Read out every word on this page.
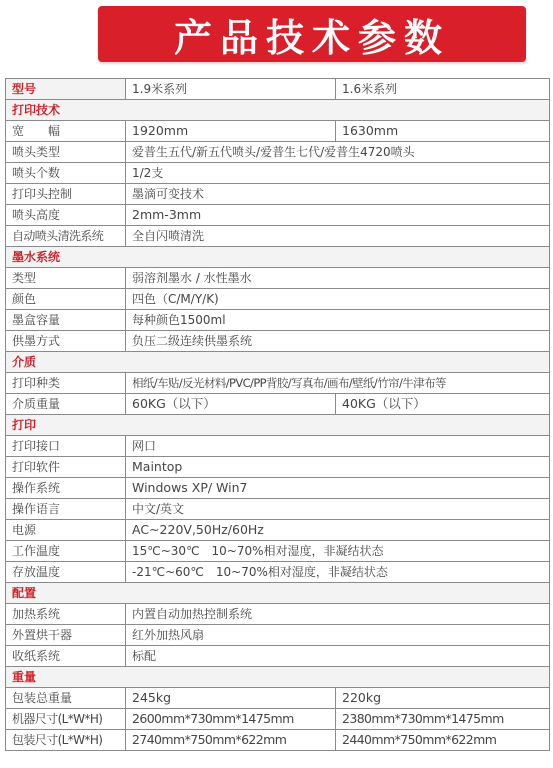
产品技术参数
型号	1.9米系列	1.6米系列
打印技术		
宽　　幅	1920mm	1630mm
喷头类型	爱普生五代/新五代喷头/爱普生七代/爱普生4720喷头	
喷头个数	1/2支	
打印头控制	墨滴可变技术	
喷头高度	2mm-3mm	
自动喷头清洗系统	全自闪喷清洗	
墨水系统		
类型	弱溶剂墨水 / 水性墨水	
颜色	四色（C/M/Y/K)	
墨盒容量	每种颜色1500ml	
供墨方式	负压二级连续供墨系统	
介质		
打印种类	相纸/车贴/反光材料/PVC/PP背胶/写真布/画布/壁纸/竹帘/牛津布等	
介质重量	60KG（以下）	40KG（以下）
打印		
打印接口	网口	
打印软件	Maintop	
操作系统	Windows XP/ Win7	
操作语言	中文/英文	
电源	AC~220V,50Hz/60Hz	
工作温度	15℃~30℃　10~70%相对湿度，非凝结状态	
存放温度	-21℃~60℃　10~70%相对湿度，非凝结状态	
配置		
加热系统	内置自动加热控制系统	
外置烘干器	红外加热风扇	
收纸系统	标配	
重量		
包装总重量	245kg	220kg
机器尺寸(L*W*H)	2600mm*730mm*1475mm	2380mm*730mm*1475mm
包装尺寸(L*W*H)	2740mm*750mm*622mm	2440mm*750mm*622mm
